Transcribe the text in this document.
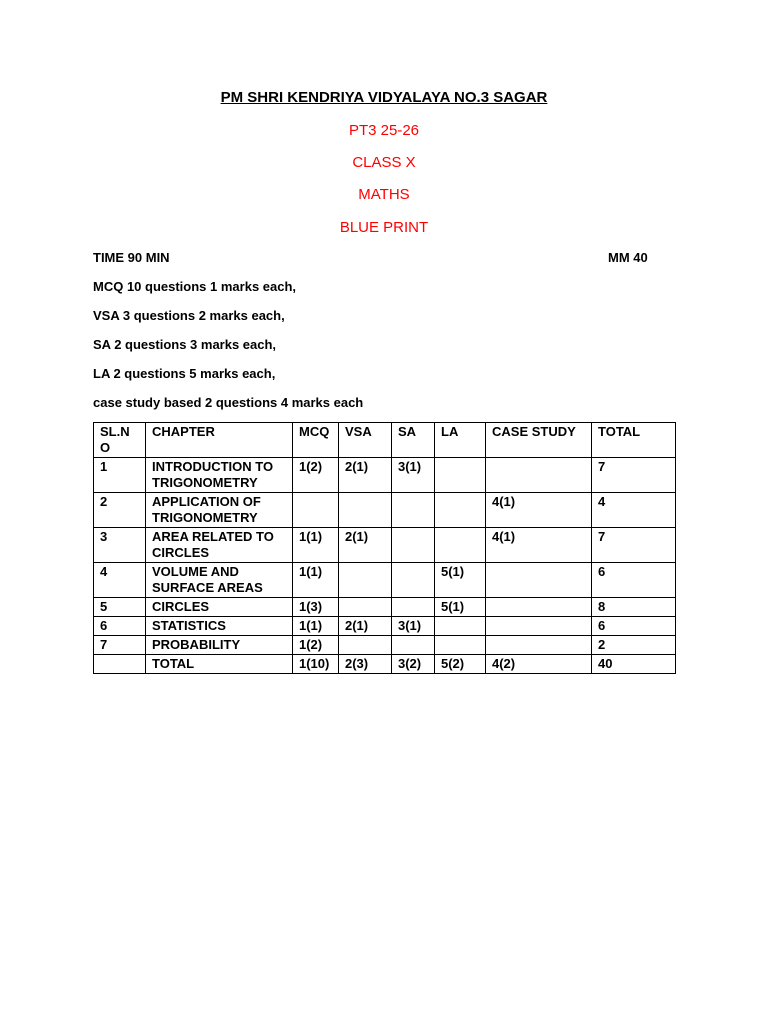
PM SHRI KENDRIYA VIDYALAYA NO.3 SAGAR
PT3 25-26
CLASS X
MATHS
BLUE PRINT
TIME 90 MIN	MM 40
MCQ 10 questions 1 marks each,
VSA 3 questions 2 marks each,
SA 2 questions 3 marks each,
LA 2 questions 5 marks each,
case study based 2 questions 4 marks each
SL.NO	CHAPTER	MCQ	VSA	SA	LA	CASE STUDY	TOTAL
1	INTRODUCTION TO TRIGONOMETRY	1(2)	2(1)	3(1)			7
2	APPLICATION OF TRIGONOMETRY					4(1)	4
3	AREA RELATED TO CIRCLES	1(1)	2(1)			4(1)	7
4	VOLUME AND SURFACE AREAS	1(1)			5(1)		6
5	CIRCLES	1(3)			5(1)		8
6	STATISTICS	1(1)	2(1)	3(1)			6
7	PROBABILITY	1(2)					2
	TOTAL	1(10)	2(3)	3(2)	5(2)	4(2)	40
